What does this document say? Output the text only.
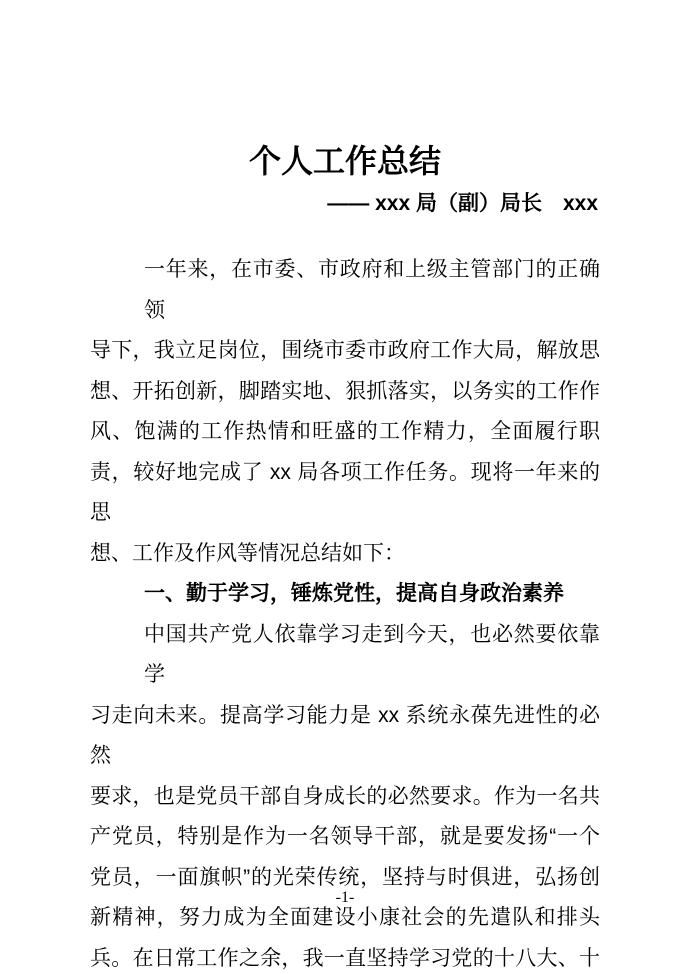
个人工作总结
—— xxx 局（副）局长　xxx
一年来，在市委、市政府和上级主管部门的正确领
导下，我立足岗位，围绕市委市政府工作大局，解放思
想、开拓创新，脚踏实地、狠抓落实，以务实的工作作
风、饱满的工作热情和旺盛的工作精力，全面履行职
责，较好地完成了 xx 局各项工作任务。现将一年来的思
想、工作及作风等情况总结如下：
一、勤于学习，锤炼党性，提高自身政治素养
中国共产党人依靠学习走到今天，也必然要依靠学
习走向未来。提高学习能力是 xx 系统永葆先进性的必然
要求，也是党员干部自身成长的必然要求。作为一名共
产党员，特别是作为一名领导干部，就是要发扬“一个
党员，一面旗帜”的光荣传统，坚持与时俱进，弘扬创
新精神，努力成为全面建设小康社会的先遣队和排头
兵。在日常工作之余，我一直坚持学习党的十八大、十
-1-
